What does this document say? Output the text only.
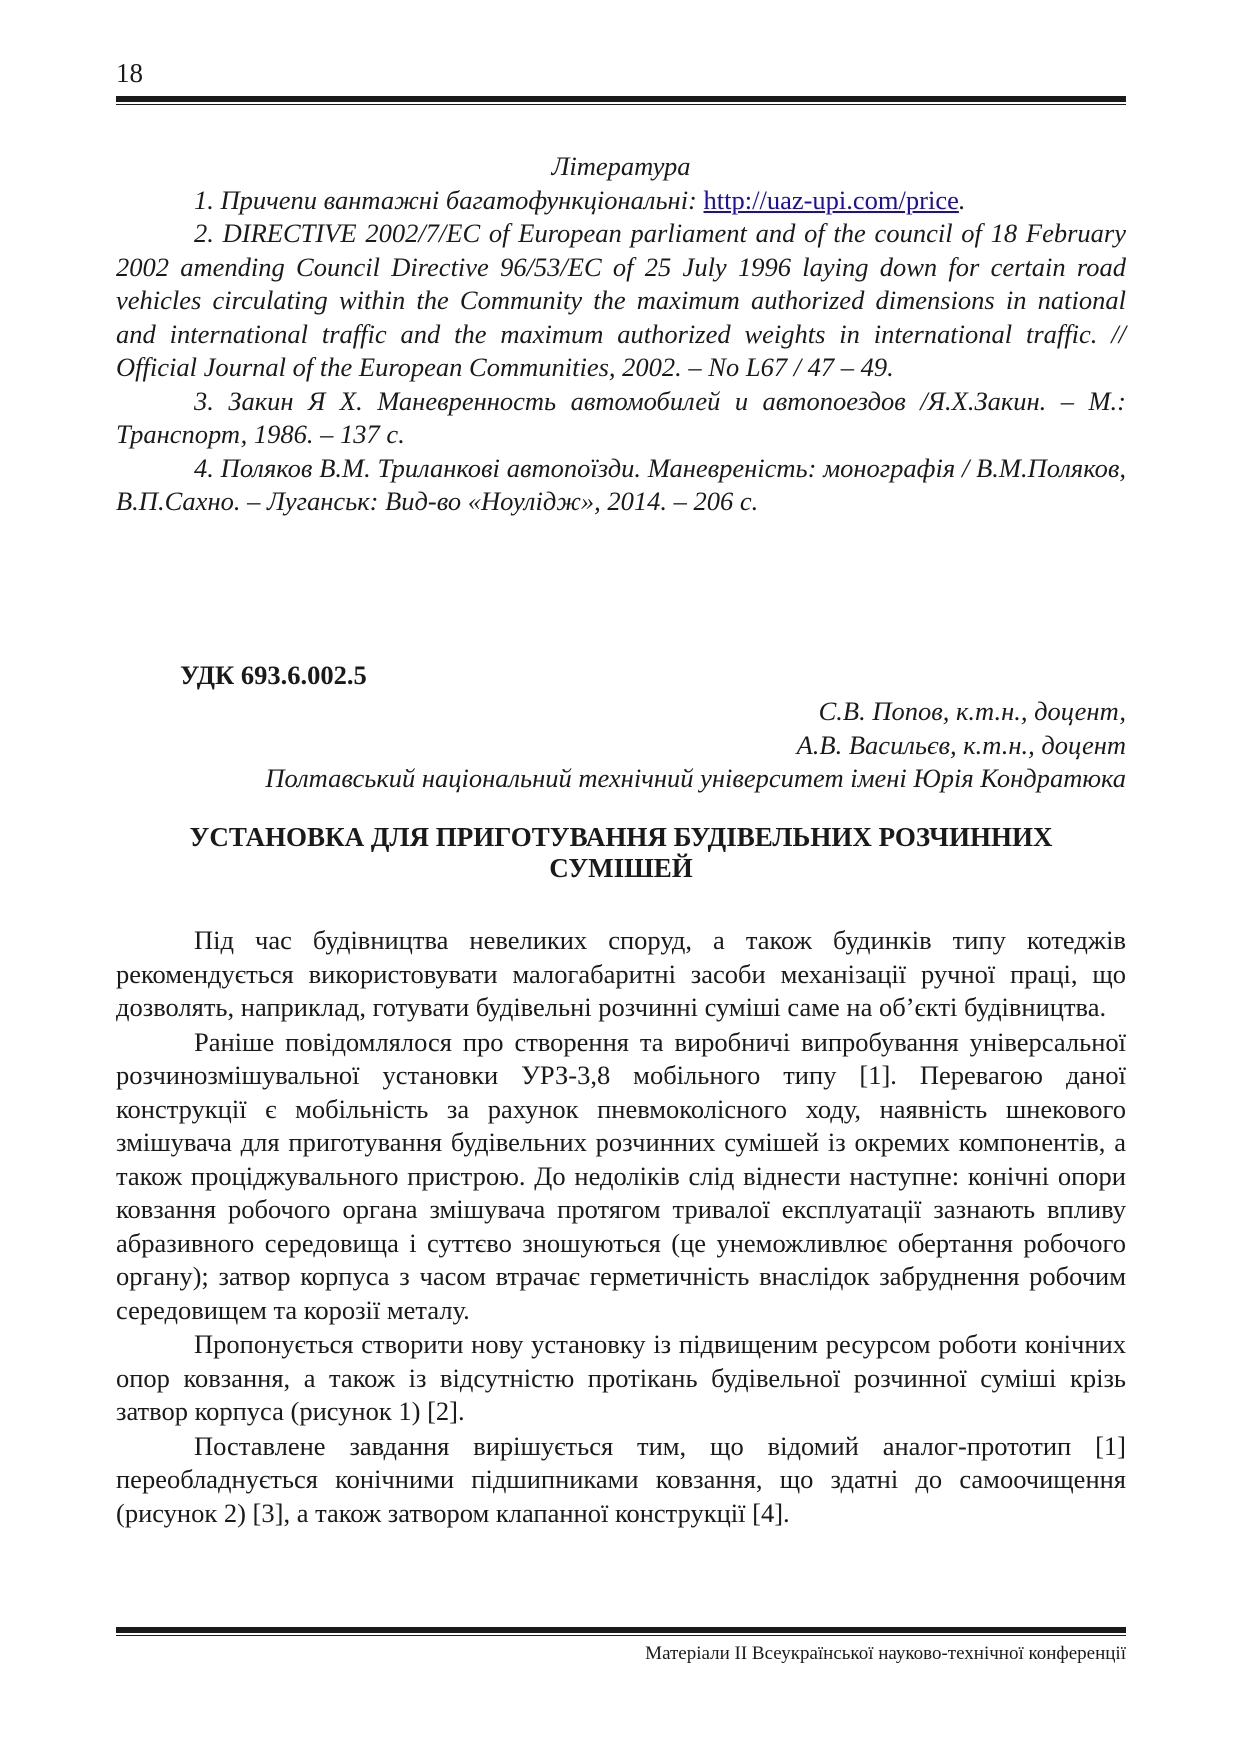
18
Література

1. Причепи вантажні багатофункціональні: http://uaz-upi.com/price.

2. DIRECTIVE 2002/7/EC of European parliament and of the council of 18 February 2002 amending Council Directive 96/53/EC of 25 July 1996 laying down for certain road vehicles circulating within the Community the maximum authorized dimensions in national and international traffic and the maximum authorized weights in international traffic. // Official Journal of the European Communities, 2002. – No L67 / 47 – 49.

3. Закин Я Х. Маневренность автомобилей и автопоездов /Я.Х.Закин. – М.: Транспорт, 1986. – 137 с.

4. Поляков В.М. Триланкові автопоїзди. Маневреність: монографія / В.М.Поляков, В.П.Сахно. – Луганськ: Вид-во «Ноулідж», 2014. – 206 с.

УДК 693.6.002.5
С.В. Попов, к.т.н., доцент,
А.В. Васильєв, к.т.н., доцент
Полтавський національний технічний університет імені Юрія Кондратюка
УСТАНОВКА ДЛЯ ПРИГОТУВАННЯ БУДІВЕЛЬНИХ РОЗЧИННИХ
СУМІШЕЙ

Під час будівництва невеликих споруд, а також будинків типу котеджів рекомендується використовувати малогабаритні засоби механізації ручної праці, що дозволять, наприклад, готувати будівельні розчинні суміші саме на об’єкті будівництва.

Раніше повідомлялося про створення та виробничі випробування універсальної розчинозмішувальної установки УРЗ-3,8 мобільного типу [1]. Перевагою даної конструкції є мобільність за рахунок пневмоколісного ходу, наявність шнекового змішувача для приготування будівельних розчинних сумішей із окремих компонентів, а також проціджувального пристрою. До недоліків слід віднести наступне: конічні опори ковзання робочого органа змішувача протягом тривалої експлуатації зазнають впливу абразивного середовища і суттєво зношуються (це унеможливлює обертання робочого органу); затвор корпуса з часом втрачає герметичність внаслідок забруднення робочим середовищем та корозії металу.

Пропонується створити нову установку із підвищеним ресурсом роботи конічних опор ковзання, а також із відсутністю протікань будівельної розчинної суміші крізь затвор корпуса (рисунок 1) [2].

Поставлене завдання вирішується тим, що відомий аналог-прототип [1] переобладнується конічними підшипниками ковзання, що здатні до самоочищення (рисунок 2) [3], а також затвором клапанної конструкції [4].

Матеріали ІІ Всеукраїнської науково-технічної конференції
